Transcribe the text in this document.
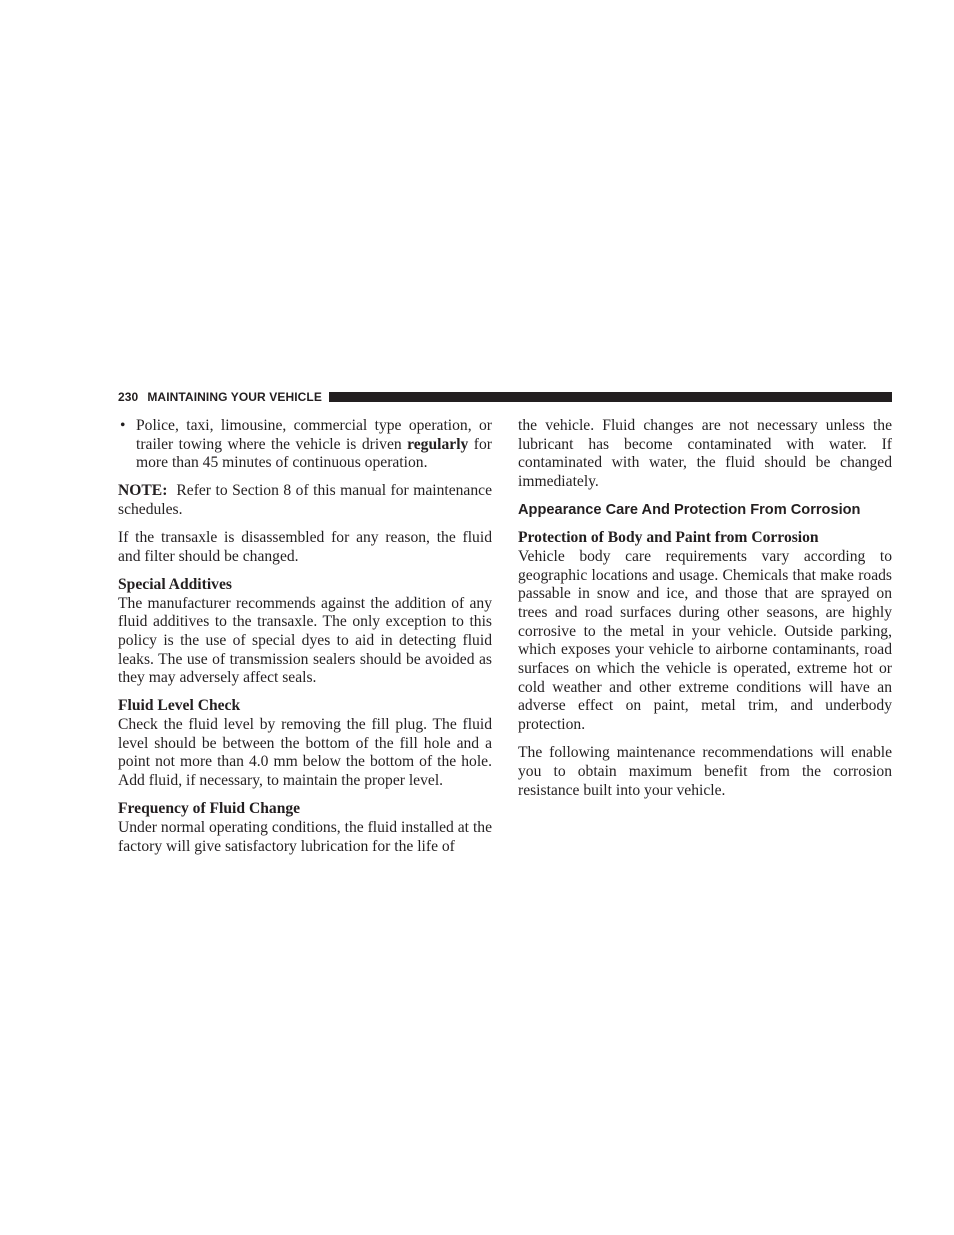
230 MAINTAINING YOUR VEHICLE
• Police, taxi, limousine, commercial type operation, or trailer towing where the vehicle is driven regularly for more than 45 minutes of continuous operation.

NOTE:  Refer to Section 8 of this manual for maintenance schedules.

If the transaxle is disassembled for any reason, the fluid and filter should be changed.

Special Additives

The manufacturer recommends against the addition of any fluid additives to the transaxle. The only exception to this policy is the use of special dyes to aid in detecting fluid leaks. The use of transmission sealers should be avoided as they may adversely affect seals.

Fluid Level Check

Check the fluid level by removing the fill plug. The fluid level should be between the bottom of the fill hole and a point not more than 4.0 mm below the bottom of the hole. Add fluid, if necessary, to maintain the proper level.

Frequency of Fluid Change

Under normal operating conditions, the fluid installed at the factory will give satisfactory lubrication for the life of

the vehicle. Fluid changes are not necessary unless the lubricant has become contaminated with water. If contaminated with water, the fluid should be changed immediately.

Appearance Care And Protection From Corrosion
Protection of Body and Paint from Corrosion

Vehicle body care requirements vary according to geographic locations and usage. Chemicals that make roads passable in snow and ice, and those that are sprayed on trees and road surfaces during other seasons, are highly corrosive to the metal in your vehicle. Outside parking, which exposes your vehicle to airborne contaminants, road surfaces on which the vehicle is operated, extreme hot or cold weather and other extreme conditions will have an adverse effect on paint, metal trim, and underbody protection.

The following maintenance recommendations will enable you to obtain maximum benefit from the corrosion resistance built into your vehicle.
